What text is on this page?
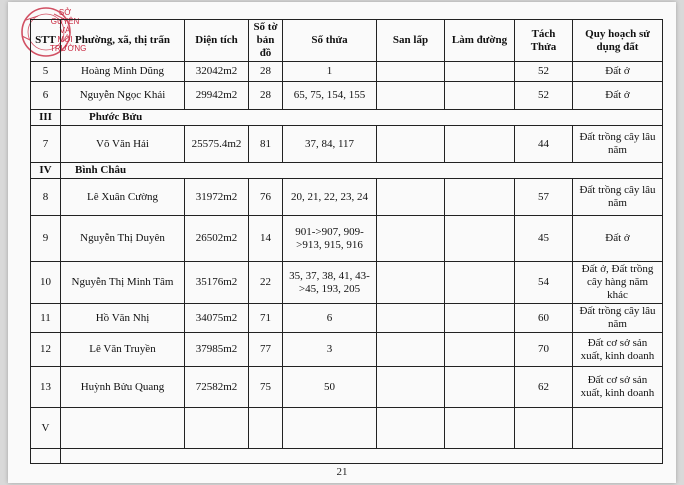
SỞ
GUYÊN
VÀ
MÔI TRƯỜNG
STT	Phường, xã, thị trấn	Diện tích	Số tờ bản đồ	Số thửa	San lấp	Làm đường	Tách Thửa	Quy hoạch sử dụng đất
5	Hoàng Minh Dũng	32042m2	28	1			52	Đất ở
6	Nguyễn Ngọc Khải	29942m2	28	65, 75, 154, 155			52	Đất ở
III	Phước Bửu							
7	Võ Văn Hải	25575.4m2	81	37, 84, 117			44	Đất trồng cây lâu năm
IV	Bình Châu							
8	Lê Xuân Cường	31972m2	76	20, 21, 22, 23, 24			57	Đất trồng cây lâu năm
9	Nguyễn Thị Duyên	26502m2	14	901->907, 909->913, 915, 916			45	Đất ở
10	Nguyễn Thị Minh Tâm	35176m2	22	35, 37, 38, 41, 43->45, 193, 205			54	Đất ở, Đất trồng cây hàng năm khác
11	Hồ Văn Nhị	34075m2	71	6			60	Đất trồng cây lâu năm
12	Lê Văn Truyền	37985m2	77	3			70	Đất cơ sở sản xuất, kinh doanh
13	Huỳnh Bửu Quang	72582m2	75	50			62	Đất cơ sở sản xuất, kinh doanh
V								

21
